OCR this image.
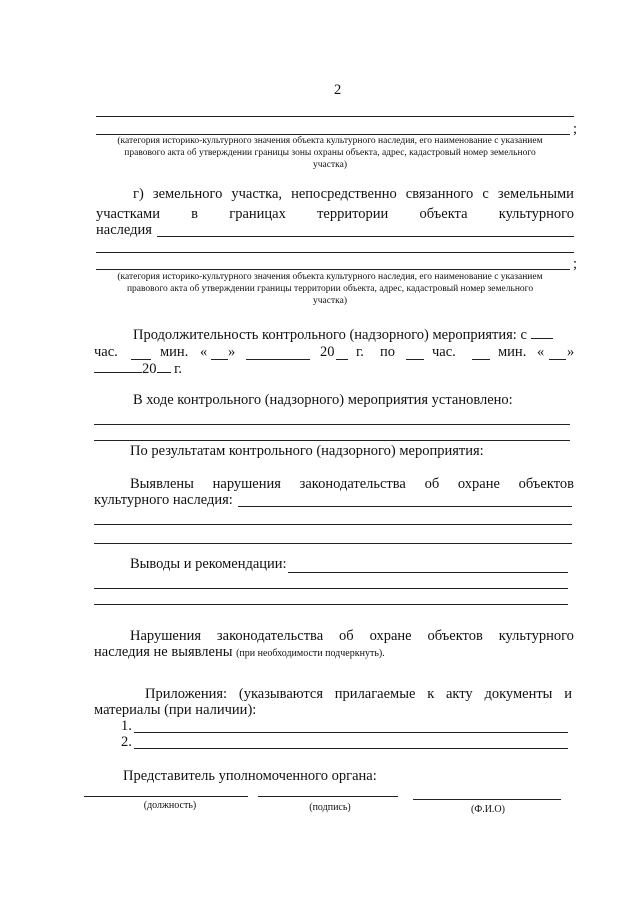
2
;
(категория историко-культурного значения объекта культурного наследия, его наименование с указанием
правового акта об утверждении границы зоны охраны объекта, адрес, кадастровый номер земельного
участка)
г) земельного участка, непосредственно связанного с земельными
участками в границах территории объекта культурного
наследия
;
(категория историко-культурного значения объекта культурного наследия, его наименование с указанием
правового акта об утверждении границы территории объекта, адрес, кадастровый номер земельного
участка)
Продолжительность контрольного (надзорного) мероприятия: с
час.	мин. « »	20 г. по	час.	мин. « »
20 г.
В ходе контрольного (надзорного) мероприятия установлено:
По результатам контрольного (надзорного) мероприятия:
Выявлены нарушения законодательства об охране объектов
культурного наследия:
Выводы и рекомендации:
Нарушения законодательства об охране объектов культурного
наследия не выявлены (при необходимости подчеркнуть).
Приложения: (указываются прилагаемые к акту документы и
материалы (при наличии):
1.
2.
Представитель уполномоченного органа:
(должность)	(подпись)	(Ф.И.О)
